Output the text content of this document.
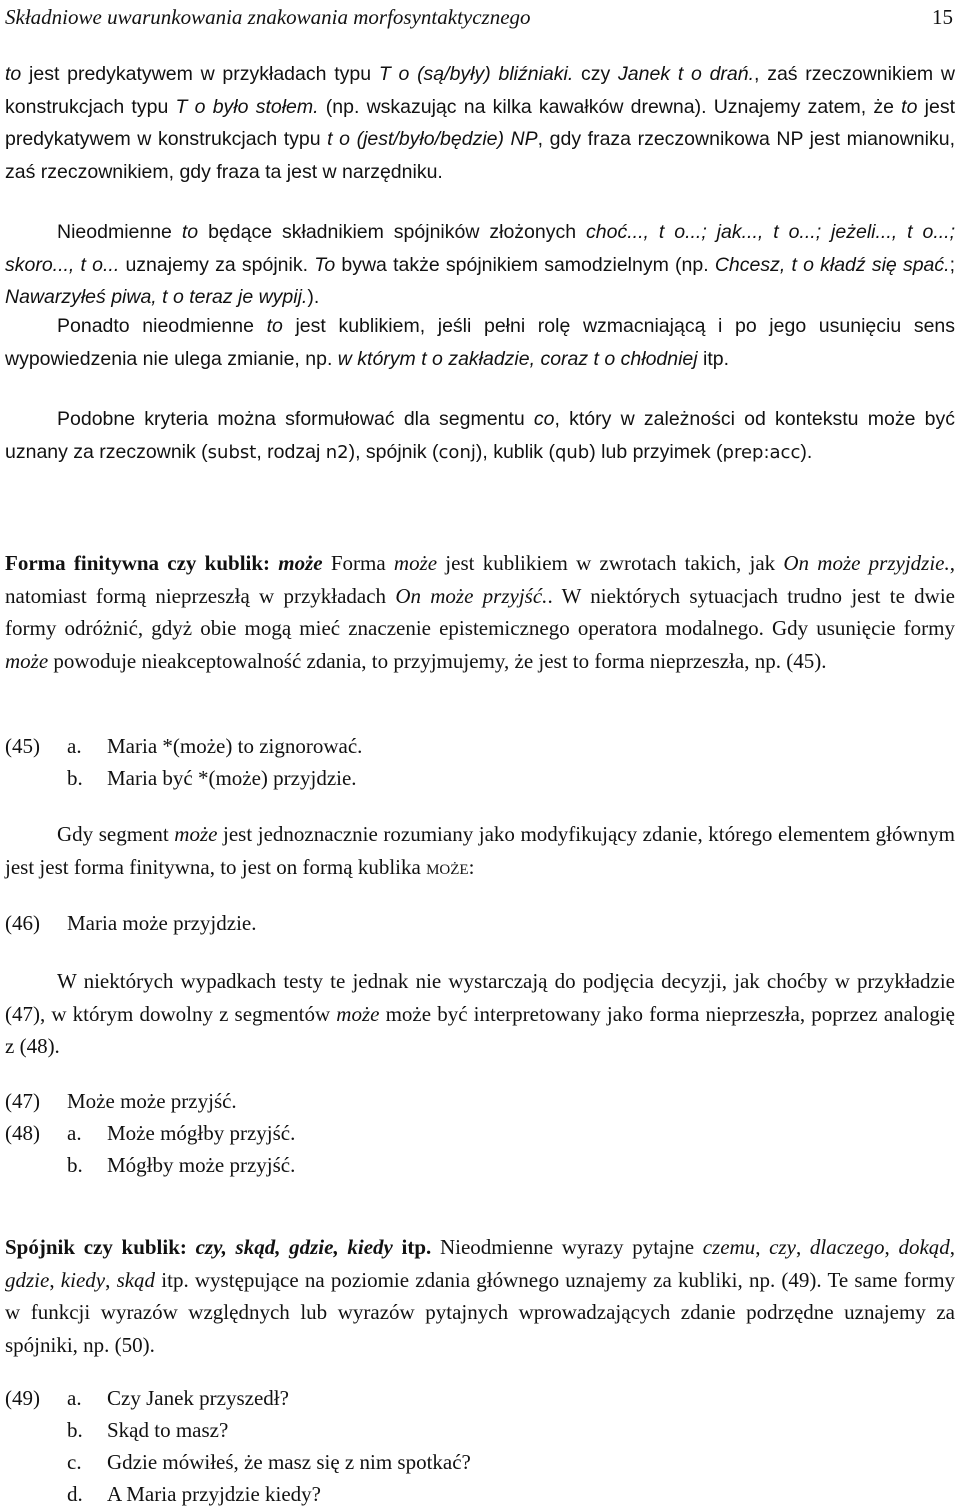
Składniowe uwarunkowania znakowania morfosyntaktycznego	15
to jest predykatywem w przykładach typu T o (są/były) bliźniaki. czy Janek t o drań., zaś rzeczownikiem w konstrukcjach typu T o było stołem. (np. wskazując na kilka kawałków drewna). Uznajemy zatem, że to jest predykatywem w konstrukcjach typu t o (jest/było/będzie) NP, gdy fraza rzeczownikowa NP jest mianowniku, zaś rzeczownikiem, gdy fraza ta jest w narzędniku.
Nieodmienne to będące składnikiem spójników złożonych choć..., t o...; jak..., t o...; jeżeli..., t o...; skoro..., t o... uznajemy za spójnik. To bywa także spójnikiem samodzielnym (np. Chcesz, t o kładź się spać.; Nawarzyłeś piwa, t o teraz je wypij.).
Ponadto nieodmienne to jest kublikiem, jeśli pełni rolę wzmacniającą i po jego usunięciu sens wypowiedzenia nie ulega zmianie, np. w którym t o zakładzie, coraz t o chłodniej itp.
Podobne kryteria można sformułować dla segmentu co, który w zależności od kontekstu może być uznany za rzeczownik (subst, rodzaj n2), spójnik (conj), kublik (qub) lub przyimek (prep:acc).
Forma finitywna czy kublik: może Forma może jest kublikiem w zwrotach takich, jak On może przyjdzie., natomiast formą nieprzeszłą w przykładach On może przyjść.. W niektórych sytuacjach trudno jest te dwie formy odróżnić, gdyż obie mogą mieć znaczenie epistemicznego operatora modalnego. Gdy usunięcie formy może powoduje nieakceptowalność zdania, to przyjmujemy, że jest to forma nieprzeszła, np. (45).
(45) a. Maria *(może) to zignorować.
b. Maria być *(może) przyjdzie.
Gdy segment może jest jednoznacznie rozumiany jako modyfikujący zdanie, którego elementem głównym jest jest forma finitywna, to jest on formą kublika może:
(46) Maria może przyjdzie.
W niektórych wypadkach testy te jednak nie wystarczają do podjęcia decyzji, jak choćby w przykładzie (47), w którym dowolny z segmentów może może być interpretowany jako forma nieprzeszła, poprzez analogię z (48).
(47) Może może przyjść.
(48) a. Może mógłby przyjść.
b. Mógłby może przyjść.
Spójnik czy kublik: czy, skąd, gdzie, kiedy itp. Nieodmienne wyrazy pytajne czemu, czy, dlaczego, dokąd, gdzie, kiedy, skąd itp. występujące na poziomie zdania głównego uznajemy za kubliki, np. (49). Te same formy w funkcji wyrazów względnych lub wyrazów pytajnych wprowadzających zdanie podrzędne uznajemy za spójniki, np. (50).
(49) a. Czy Janek przyszedł?
b. Skąd to masz?
c. Gdzie mówiłeś, że masz się z nim spotkać?
d. A Maria przyjdzie kiedy?
